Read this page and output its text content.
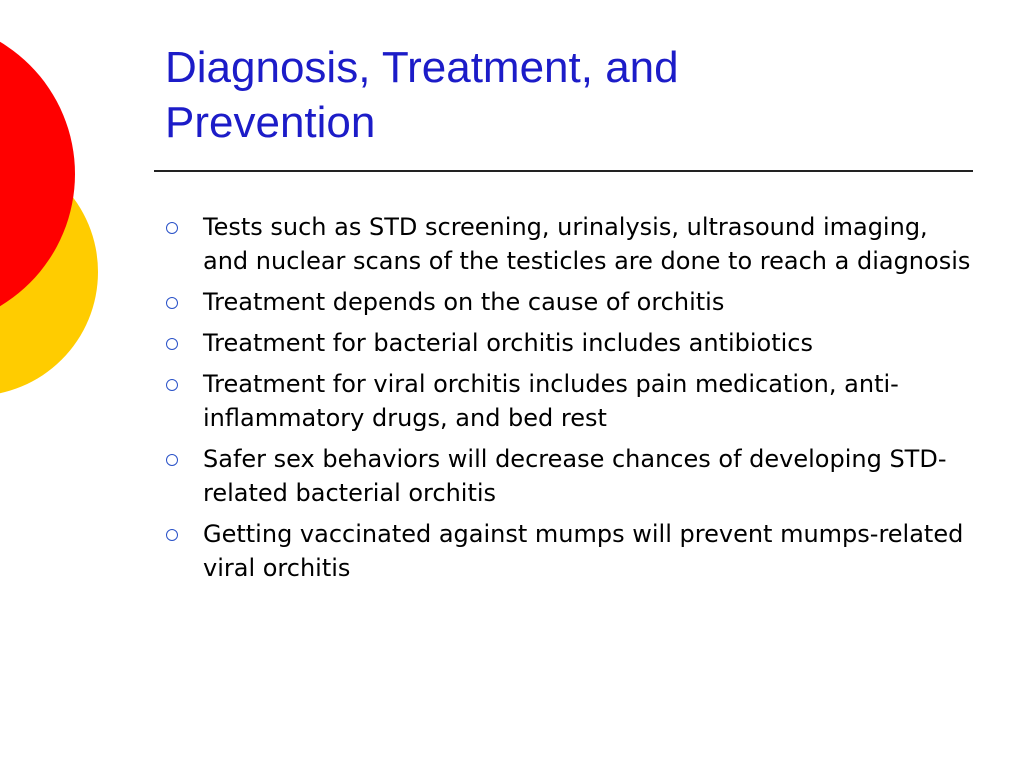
Diagnosis, Treatment, and
Prevention
Tests such as STD screening, urinalysis, ultrasound imaging, and nuclear scans of the testicles are done to reach a diagnosis
Treatment depends on the cause of orchitis
Treatment for bacterial orchitis includes antibiotics
Treatment for viral orchitis includes pain medication, anti-inflammatory drugs, and bed rest
Safer sex behaviors will decrease chances of developing STD-related bacterial orchitis
Getting vaccinated against mumps will prevent mumps-related viral orchitis
